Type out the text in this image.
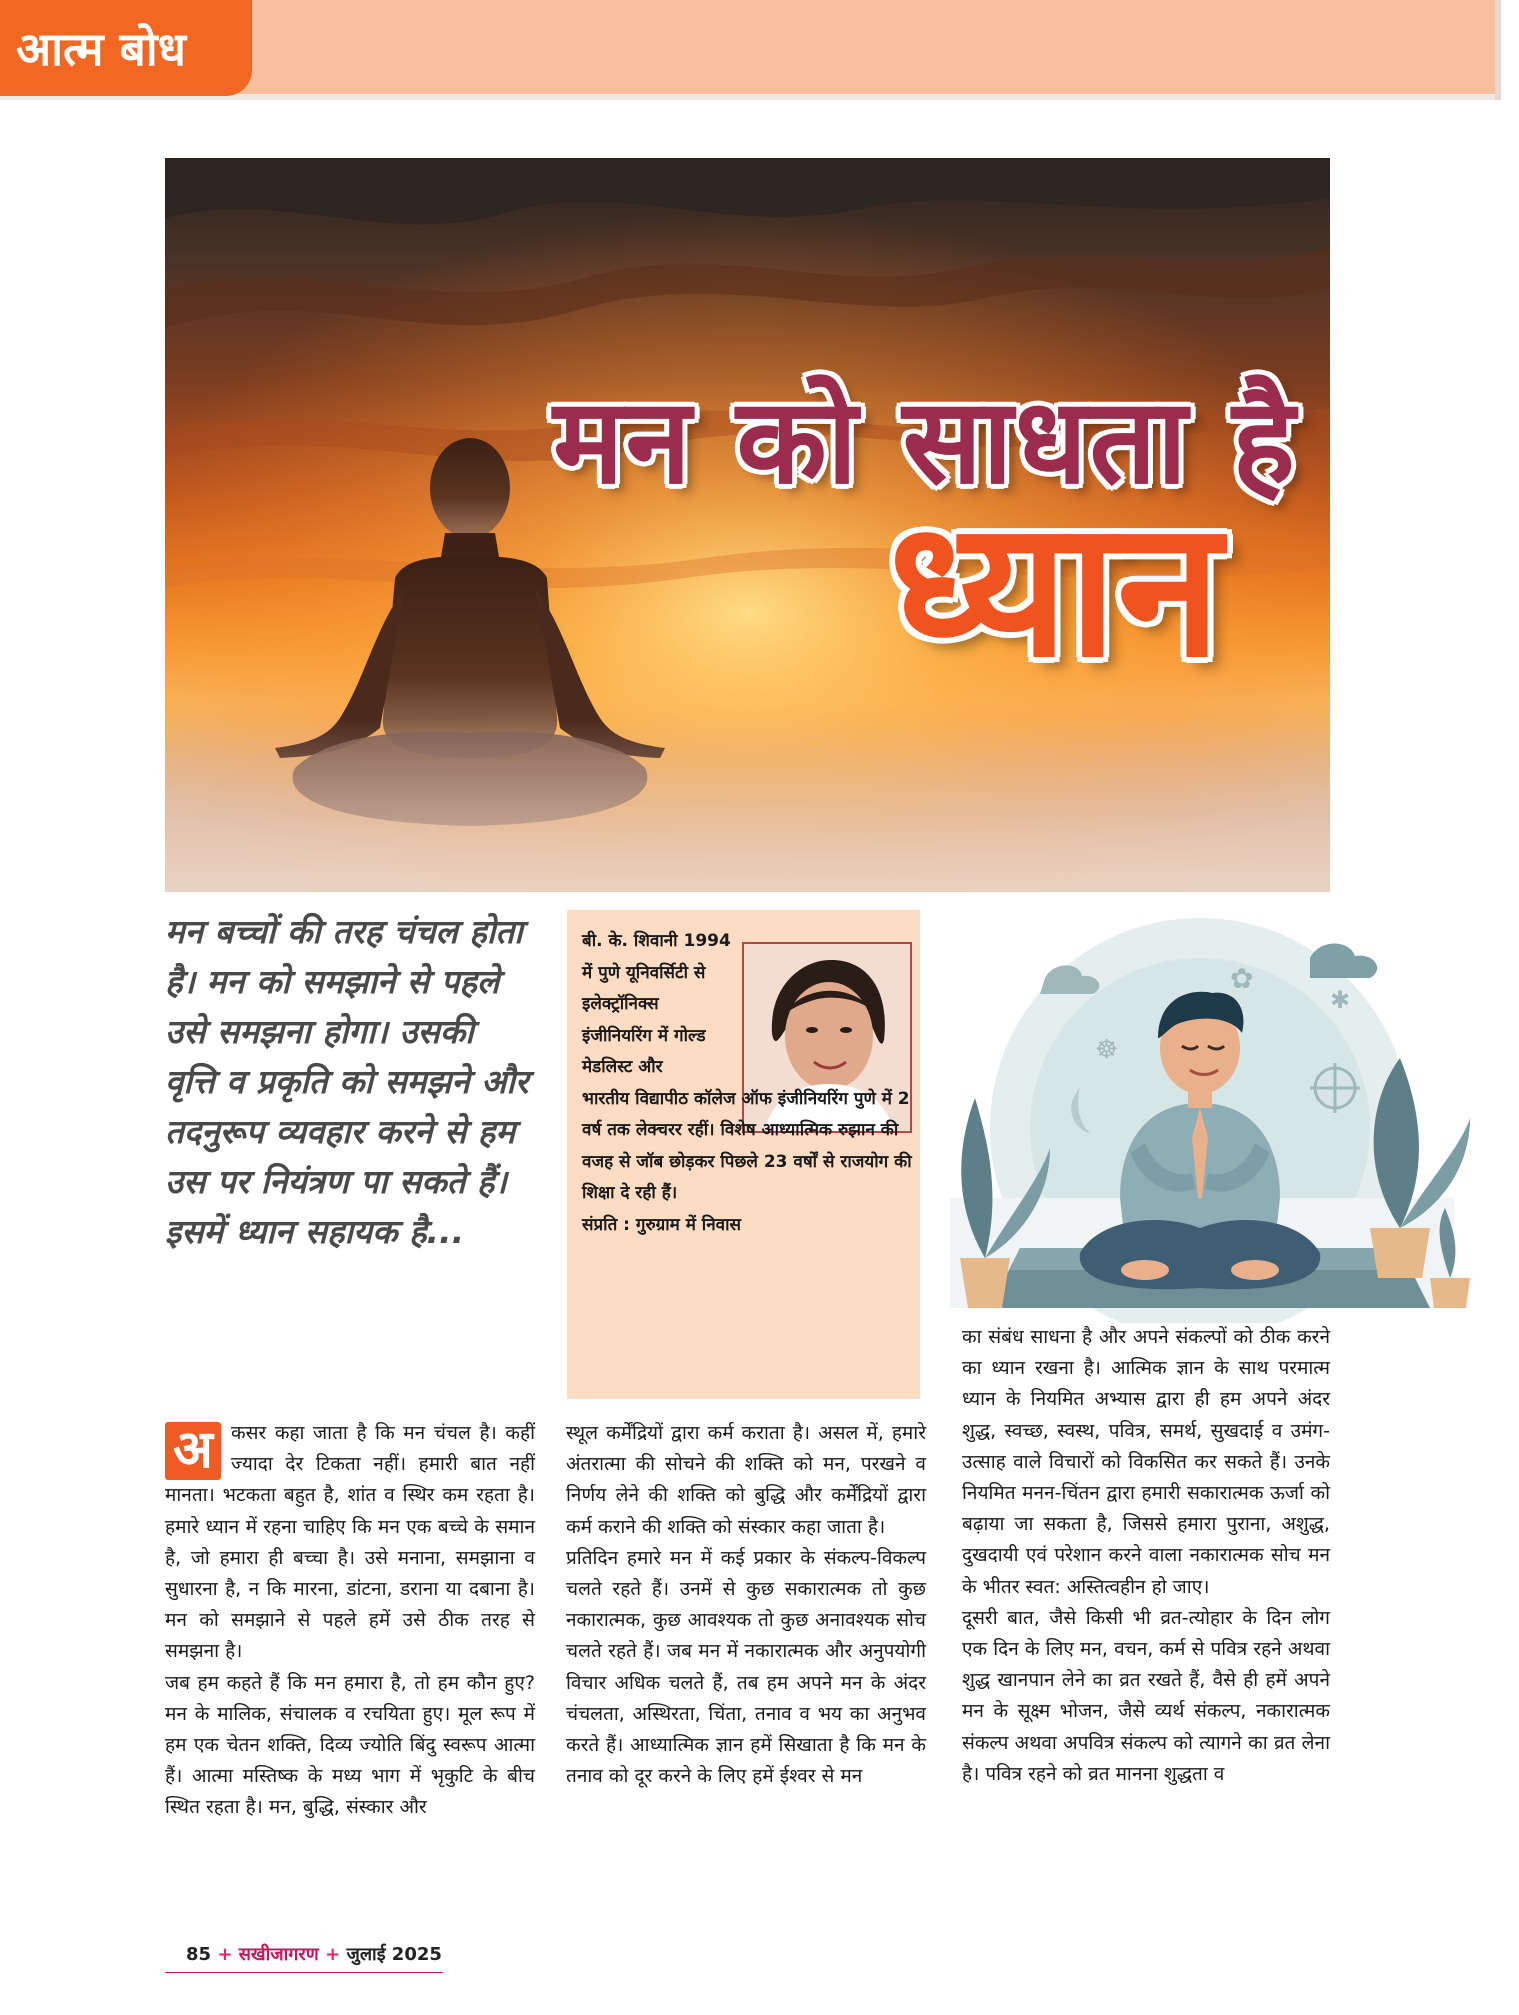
आत्म बोध
मन को साधता है
ध्यान
मन बच्चों की तरह चंचल होता है। मन को समझाने से पहले उसे समझना होगा। उसकी वृत्ति व प्रकृति को समझने और तदनुरूप व्यवहार करने से हम उस पर नियंत्रण पा सकते हैं। इसमें ध्यान सहायक है...
बी. के. शिवानी 1994 में पुणे यूनिवर्सिटी से इलेक्ट्रॉनिक्स इंजीनियरिंग में गोल्ड मेडलिस्ट और
भारतीय विद्यापीठ कॉलेज ऑफ इंजीनियरिंग पुणे में 2 वर्ष तक लेक्चरर रहीं। विशेष आध्यात्मिक रुझान की वजह से जॉब छोड़कर पिछले 23 वर्षों से राजयोग की शिक्षा दे रही हैं।
संप्रति : गुरुग्राम में निवास
✿
✱
☸

अ कसर कहा जाता है कि मन चंचल है। कहीं ज्यादा देर टिकता नहीं। हमारी बात नहीं मानता। भटकता बहुत है, शांत व स्थिर कम रहता है। हमारे ध्यान में रहना चाहिए कि मन एक बच्चे के समान है, जो हमारा ही बच्चा है। उसे मनाना, समझाना व सुधारना है, न कि मारना, डांटना, डराना या दबाना है। मन को समझाने से पहले हमें उसे ठीक तरह से समझना है।

जब हम कहते हैं कि मन हमारा है, तो हम कौन हुए? मन के मालिक, संचालक व रचयिता हुए। मूल रूप में हम एक चेतन शक्ति, दिव्य ज्योति बिंदु स्वरूप आत्मा हैं। आत्मा मस्तिष्क के मध्य भाग में भृकुटि के बीच स्थित रहता है। मन, बुद्धि, संस्कार और

स्थूल कर्मेंद्रियों द्वारा कर्म कराता है। असल में, हमारे अंतरात्मा की सोचने की शक्ति को मन, परखने व निर्णय लेने की शक्ति को बुद्धि और कर्मेंद्रियों द्वारा कर्म कराने की शक्ति को संस्कार कहा जाता है।

प्रतिदिन हमारे मन में कई प्रकार के संकल्प-विकल्प चलते रहते हैं। उनमें से कुछ सकारात्मक तो कुछ नकारात्मक, कुछ आवश्यक तो कुछ अनावश्यक सोच चलते रहते हैं। जब मन में नकारात्मक और अनुपयोगी विचार अधिक चलते हैं, तब हम अपने मन के अंदर चंचलता, अस्थिरता, चिंता, तनाव व भय का अनुभव करते हैं। आध्यात्मिक ज्ञान हमें सिखाता है कि मन के तनाव को दूर करने के लिए हमें ईश्वर से मन

का संबंध साधना है और अपने संकल्पों को ठीक करने का ध्यान रखना है। आत्मिक ज्ञान के साथ परमात्म ध्यान के नियमित अभ्यास द्वारा ही हम अपने अंदर शुद्ध, स्वच्छ, स्वस्थ, पवित्र, समर्थ, सुखदाई व उमंग-उत्साह वाले विचारों को विकसित कर सकते हैं। उनके नियमित मनन-चिंतन द्वारा हमारी सकारात्मक ऊर्जा को बढ़ाया जा सकता है, जिससे हमारा पुराना, अशुद्ध, दुखदायी एवं परेशान करने वाला नकारात्मक सोच मन के भीतर स्वत: अस्तित्वहीन हो जाए।

दूसरी बात, जैसे किसी भी व्रत-त्योहार के दिन लोग एक दिन के लिए मन, वचन, कर्म से पवित्र रहने अथवा शुद्ध खानपान लेने का व्रत रखते हैं, वैसे ही हमें अपने मन के सूक्ष्म भोजन, जैसे व्यर्थ संकल्प, नकारात्मक संकल्प अथवा अपवित्र संकल्प को त्यागने का व्रत लेना है। पवित्र रहने को व्रत मानना शुद्धता व

85 + सखीजागरण + जुलाई 2025
